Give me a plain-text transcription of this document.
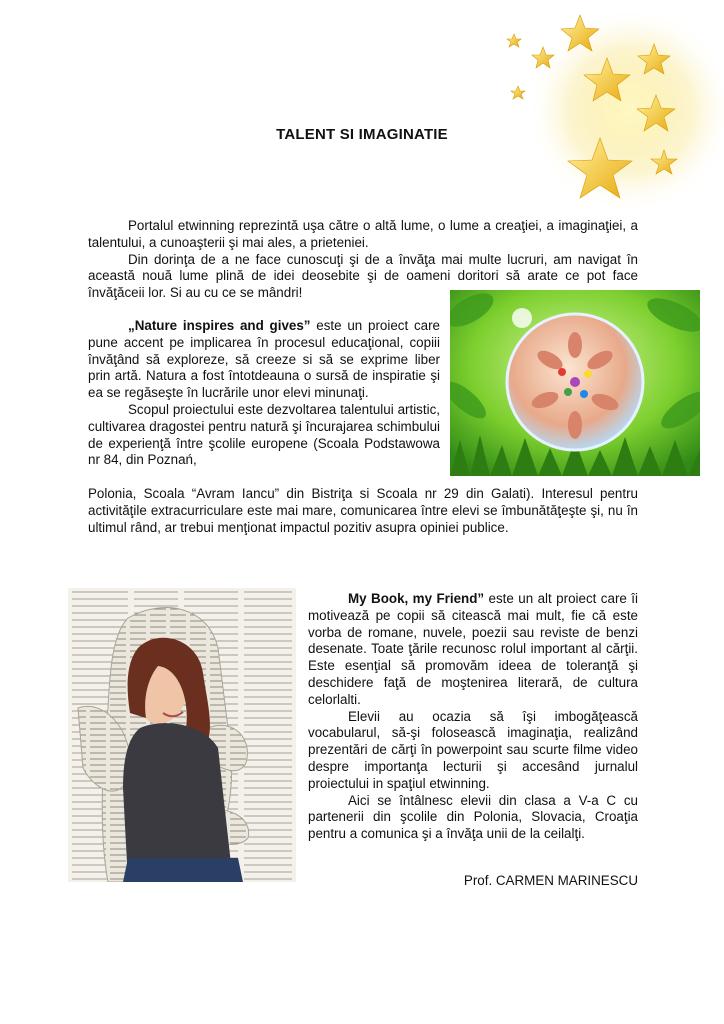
TALENT SI IMAGINATIE

Portalul etwinning reprezintă uşa către o altă lume, o lume a creaţiei, a imaginaţiei, a talentului, a cunoaşterii şi mai ales, a prieteniei.

Din dorinţa de a ne face cunoscuţi şi de a învăţa mai multe lucruri, am navigat în această nouă lume plină de idei deosebite şi de oameni doritori să arate ce pot face învăţăceii lor. Si au cu ce se mândri!

„Nature inspires and gives” este un proiect care pune accent pe implicarea în procesul educaţional, copiii învăţând să exploreze, să creeze si să se exprime liber prin artă. Natura a fost întotdeauna o sursă de inspiratie şi ea se regăseşte în lucrările unor elevi minunaţi.

Scopul proiectului este dezvoltarea talentului artistic, cultivarea dragostei pentru natură şi încurajarea schimbului de experienţă între şcolile europene (Scoala Podstawowa nr 84, din Poznań,

Polonia, Scoala “Avram Iancu” din Bistriţa si Scoala nr 29 din Galati). Interesul pentru activităţile extracurriculare este mai mare, comunicarea între elevi se îmbunătăţeşte şi, nu în ultimul rând, ar trebui menţionat impactul pozitiv asupra opiniei publice.

My Book, my Friend” este un alt proiect care îi motivează pe copii să citească mai mult, fie că este vorba de romane, nuvele, poezii sau reviste de benzi desenate. Toate ţările recunosc rolul important al cărţii. Este esenţial să promovăm ideea de toleranţă şi deschidere faţă de moştenirea literară, de cultura celorlalti.

Elevii au ocazia să îşi imbogăţească vocabularul, să-şi folosească imaginaţia, realizând prezentări de cărţi în powerpoint sau scurte filme video despre importanţa lecturii şi accesând jurnalul proiectului in spaţiul etwinning.

Aici se întâlnesc elevii din clasa a V-a C cu partenerii din şcolile din Polonia, Slovacia, Croaţia pentru a comunica şi a învăţa unii de la ceilalţi.

Prof. CARMEN MARINESCU
